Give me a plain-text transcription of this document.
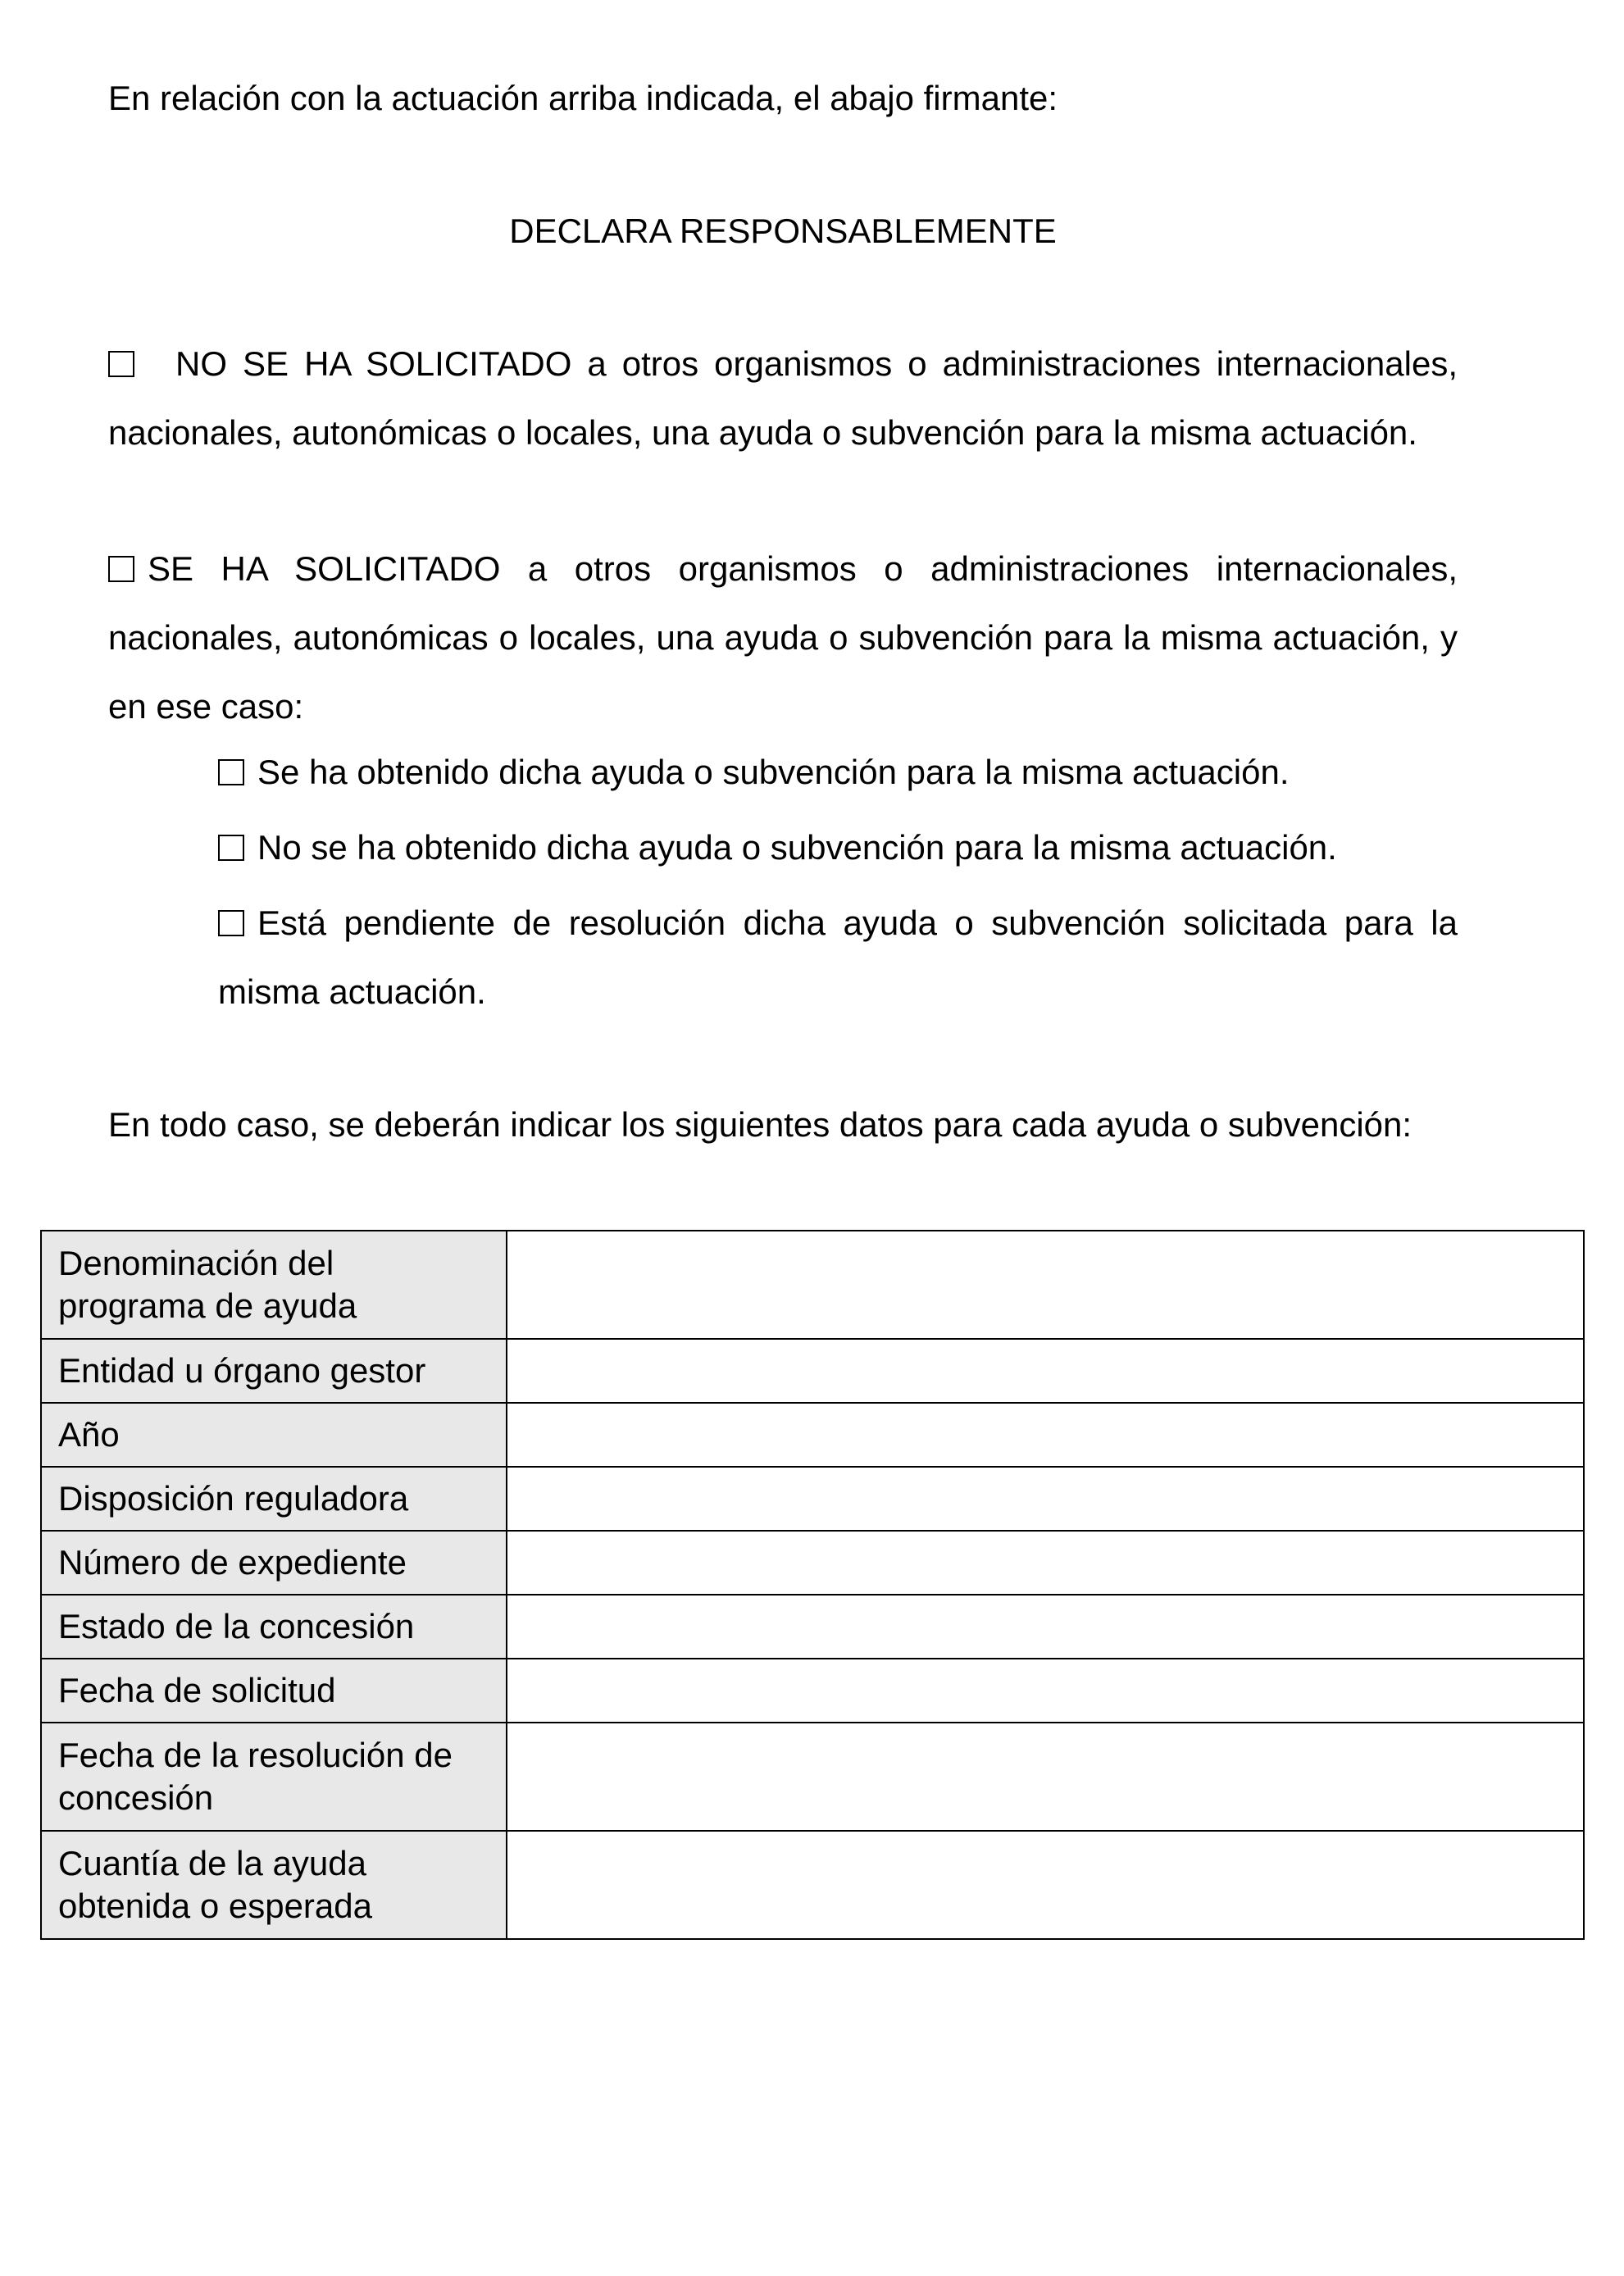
En relación con la actuación arriba indicada, el abajo firmante:

DECLARA RESPONSABLEMENTE

NO SE HA SOLICITADO a otros organismos o administraciones internacionales, nacionales, autonómicas o locales, una ayuda o subvención para la misma actuación.

SE HA SOLICITADO a otros organismos o administraciones internacionales, nacionales, autonómicas o locales, una ayuda o subvención para la misma actuación, y en ese caso:

Se ha obtenido dicha ayuda o subvención para la misma actuación.

No se ha obtenido dicha ayuda o subvención para la misma actuación.

Está pendiente de resolución dicha ayuda o subvención solicitada para la misma actuación.

En todo caso, se deberán indicar los siguientes datos para cada ayuda o subvención:

Denominación del programa de ayuda	
Entidad u órgano gestor	
Año	
Disposición reguladora	
Número de expediente	
Estado de la concesión	
Fecha de solicitud	
Fecha de la resolución de concesión	
Cuantía de la ayuda obtenida o esperada	
